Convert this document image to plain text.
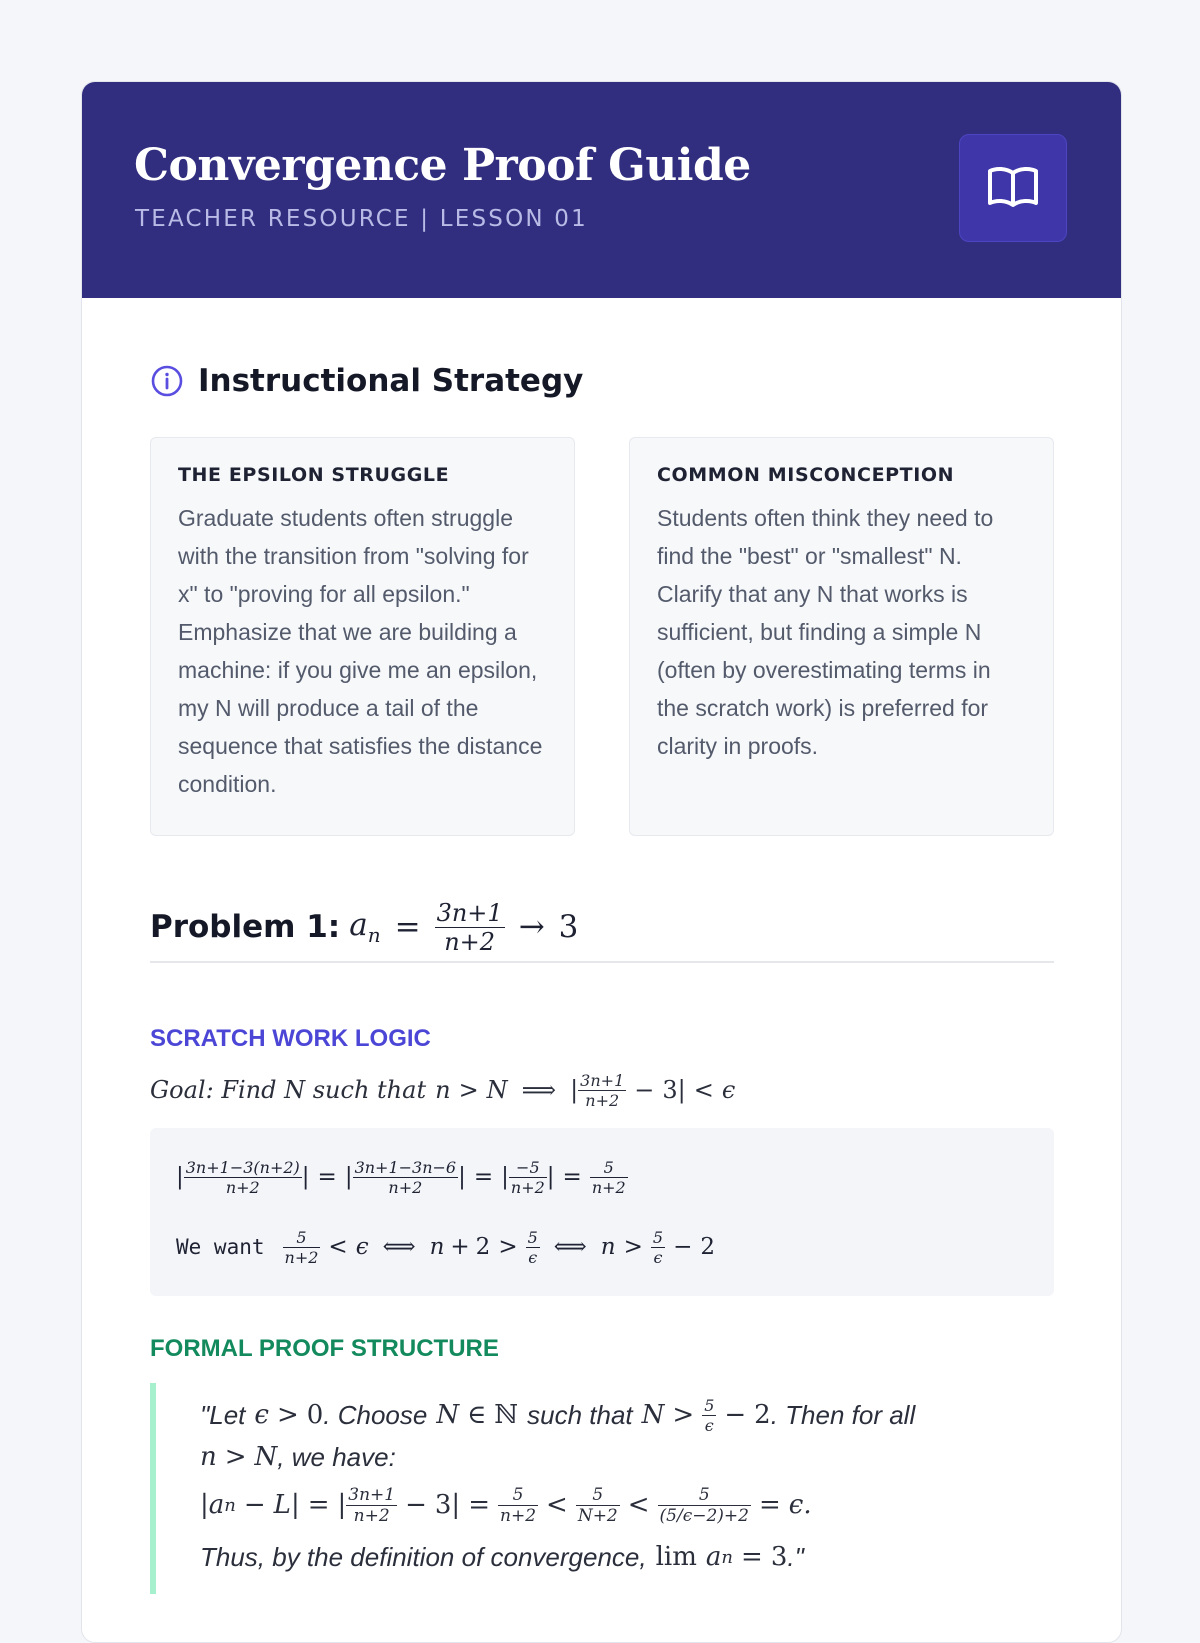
Convergence Proof Guide
TEACHER RESOURCE | LESSON 01
Instructional Strategy
THE EPSILON STRUGGLE

Graduate students often struggle with the transition from "solving for x" to "proving for all epsilon." Emphasize that we are building a machine: if you give me an epsilon, my N will produce a tail of the sequence that satisfies the distance condition.

COMMON MISCONCEPTION

Students often think they need to find the "best" or "smallest" N. Clarify that any N that works is sufficient, but finding a simple N (often by overestimating terms in the scratch work) is preferred for clarity in proofs.

Problem 1: $a_n = \frac{3n+1}{n+2} \to 3$
SCRATCH WORK LOGIC
Goal: Find N such that n > N ⟹ | $\frac{3n+1}{n+2} - 3| < \epsilon$
| $\frac{3n+1-3(n+2)}{n+2}$ | = | $\frac{3n+1-3n-6}{n+2}$ | = | $\frac{-5}{n+2}$ | = $\frac{5}{n+2}$
We want $\frac{5}{n+2} < \epsilon$ ⟺ $n + 2 > \frac{5}{\epsilon}$ ⟺ $n > \frac{5}{\epsilon} - 2$
FORMAL PROOF STRUCTURE
"Let ϵ > 0 . Choose N ∈ ℕ such that $N > \frac{5}{\epsilon} - 2$ . Then for all
n > N , we have:
| a n − L | = | $\frac{3n+1}{n+2} - 3| = \frac{5}{n+2} < \frac{5}{N+2} < \frac{5}{(5/\epsilon-2)+2} = \epsilon$.
Thus, by the definition of convergence, lim a n = 3 ."
